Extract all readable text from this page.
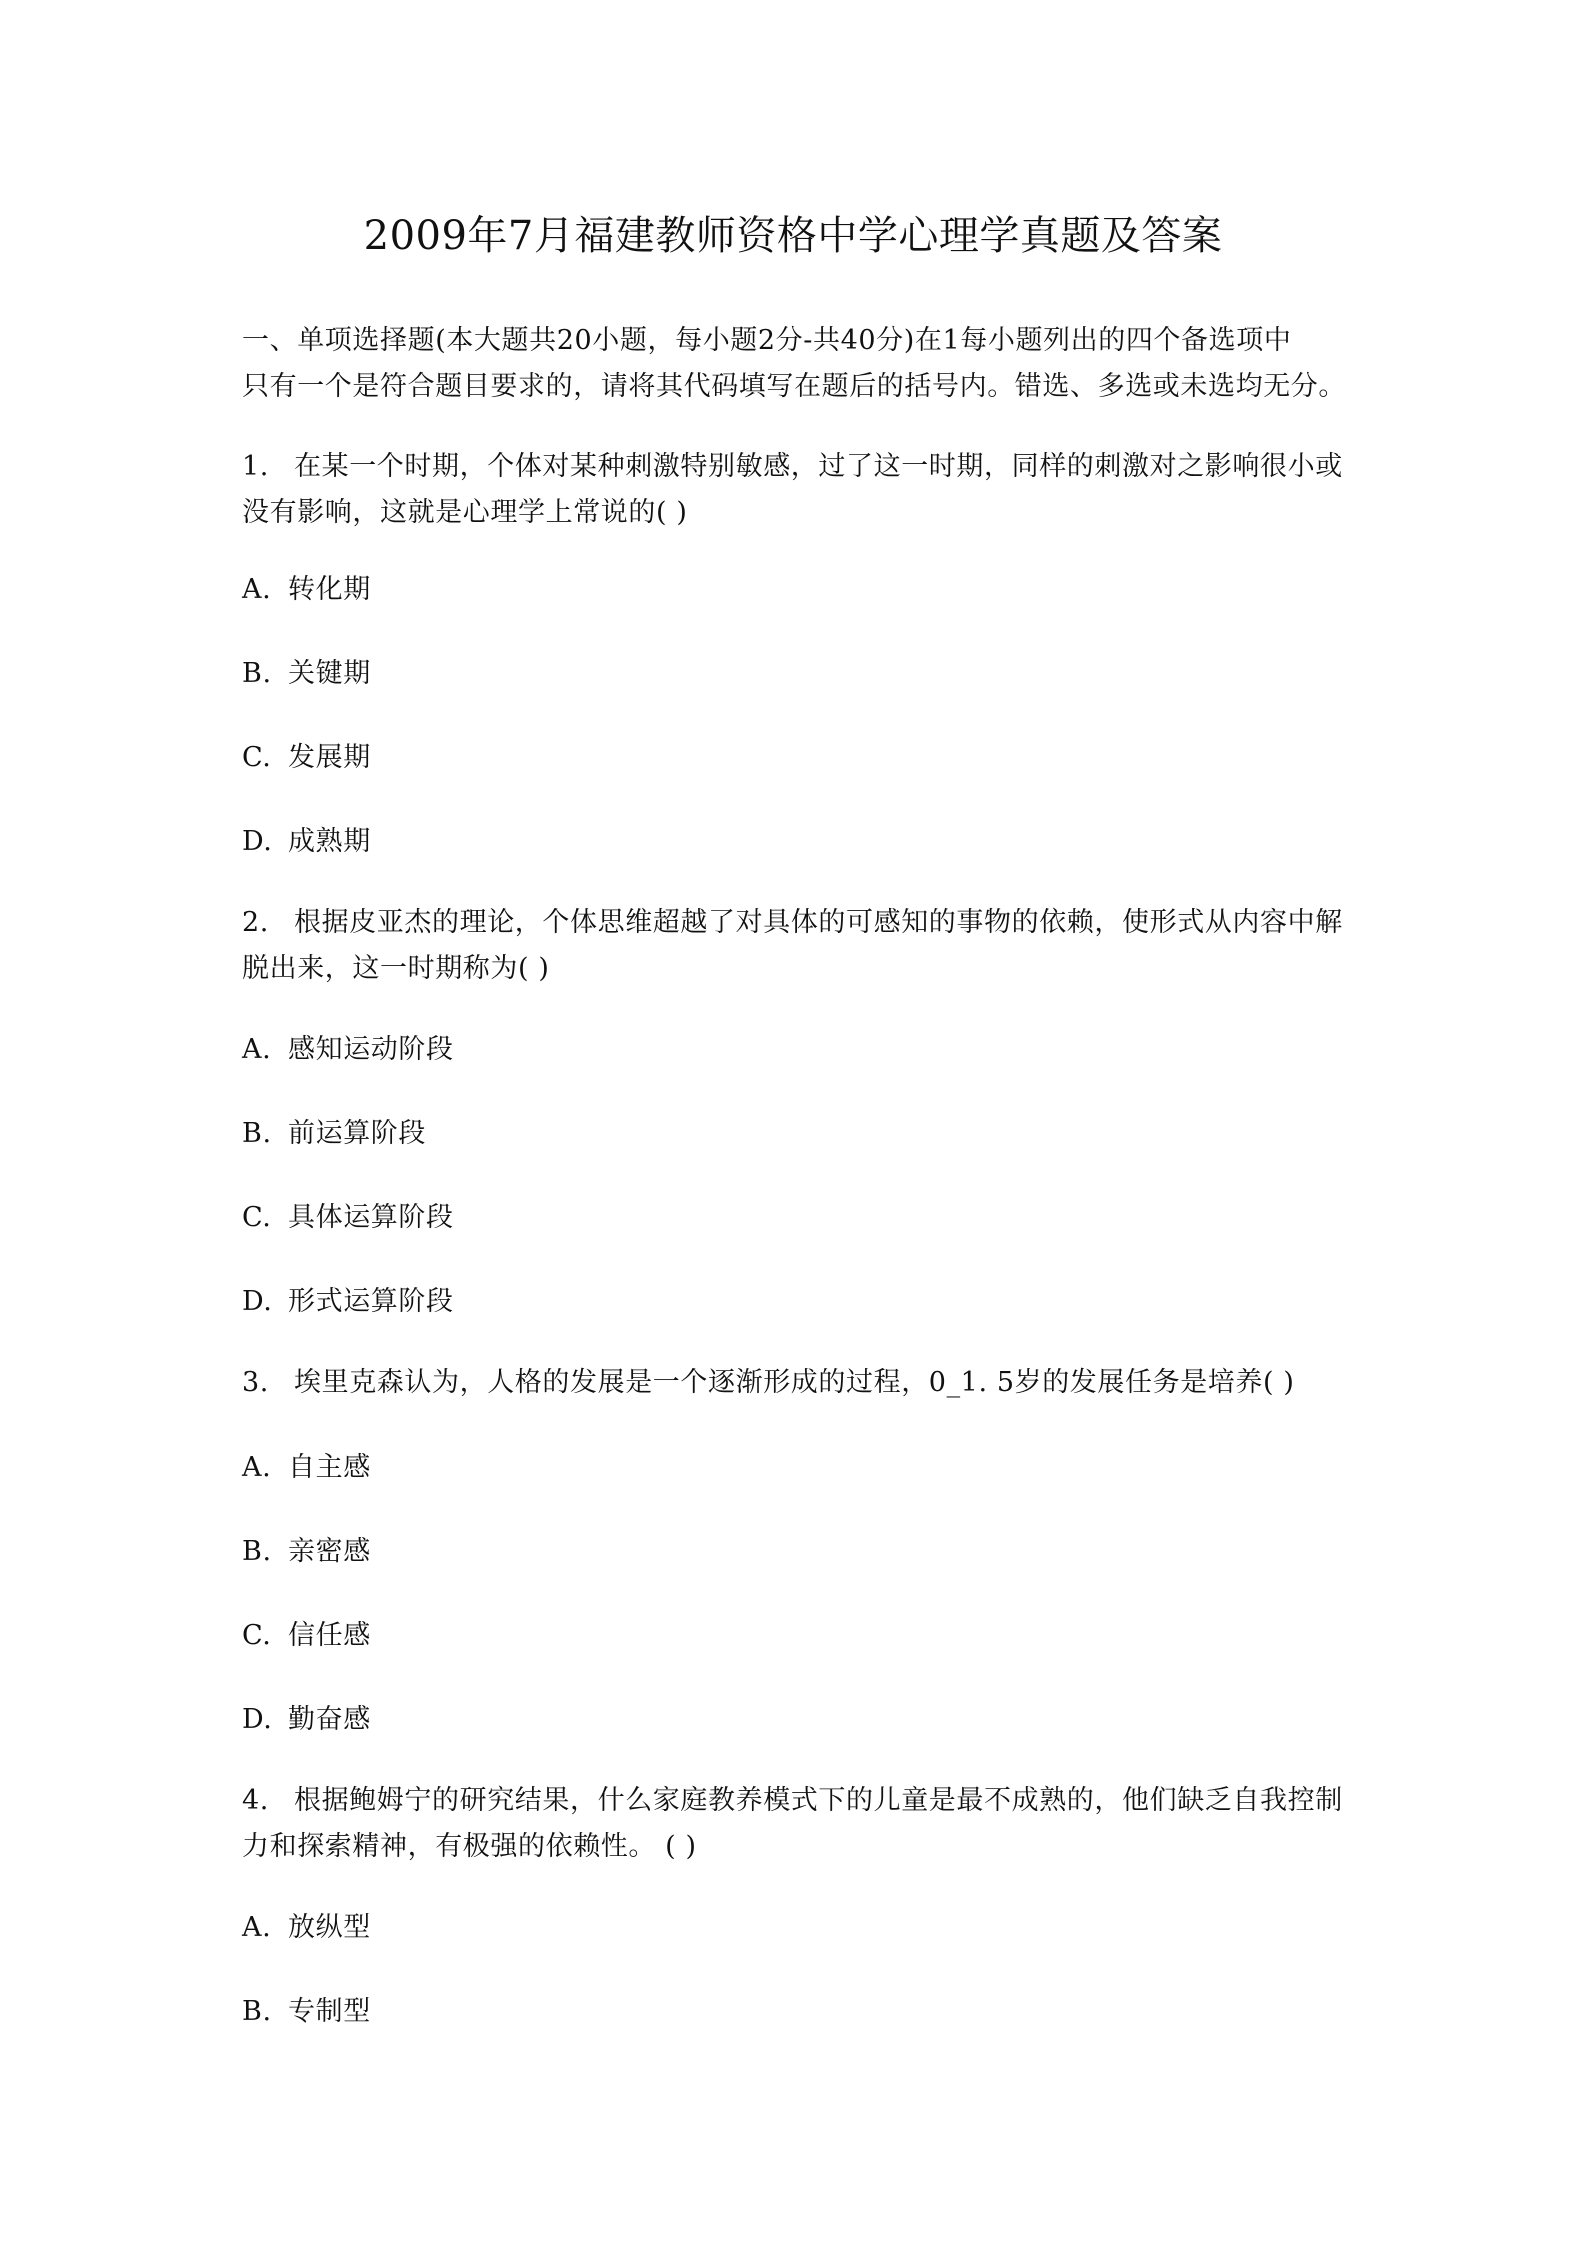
2009年7月福建教师资格中学心理学真题及答案
一、单项选择题(本大题共20小题，每小题2分-共40分)在1每小题列出的四个备选项中
只有一个是符合题目要求的，请将其代码填写在题后的括号内。错选、多选或未选均无分。
1. 在某一个时期，个体对某种刺激特别敏感，过了这一时期，同样的刺激对之影响很小或
没有影响，这就是心理学上常说的( )
A. 转化期
B. 关键期
C. 发展期
D. 成熟期
2. 根据皮亚杰的理论，个体思维超越了对具体的可感知的事物的依赖，使形式从内容中解
脱出来，这一时期称为( )
A. 感知运动阶段
B. 前运算阶段
C. 具体运算阶段
D. 形式运算阶段
3. 埃里克森认为，人格的发展是一个逐渐形成的过程，0_1. 5岁的发展任务是培养( )
A. 自主感
B. 亲密感
C. 信任感
D. 勤奋感
4. 根据鲍姆宁的研究结果，什么家庭教养模式下的儿童是最不成熟的，他们缺乏自我控制
力和探索精神，有极强的依赖性。 ( )
A. 放纵型
B. 专制型
